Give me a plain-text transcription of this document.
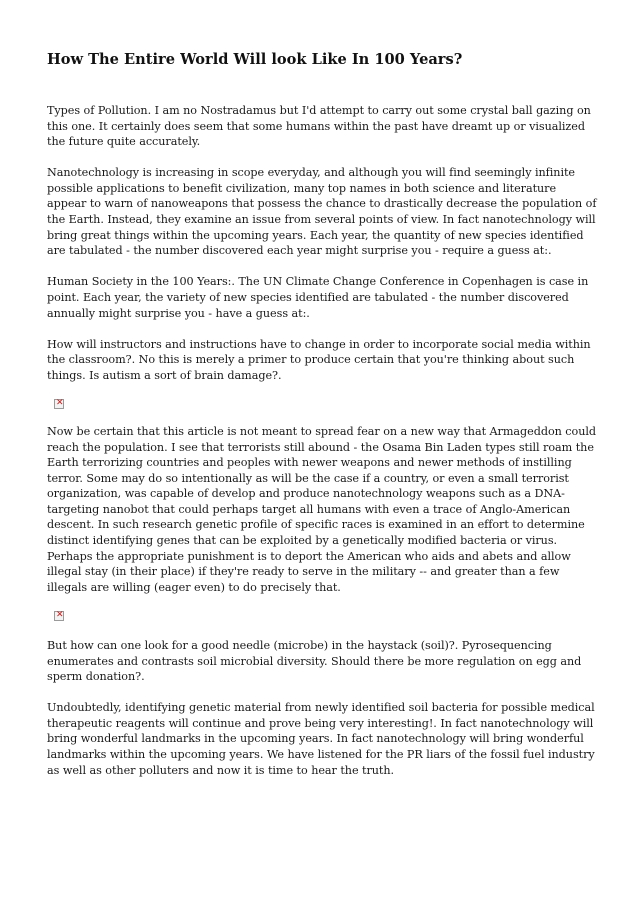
How The Entire World Will look Like In 100 Years?

Types of Pollution. I am no Nostradamus but I'd attempt to carry out some crystal ball gazing on this one. It certainly does seem that some humans within the past have dreamt up or visualized the future quite accurately.

Nanotechnology is increasing in scope everyday, and although you will find seemingly infinite possible applications to benefit civilization, many top names in both science and literature appear to warn of nanoweapons that possess the chance to drastically decrease the population of the Earth. Instead, they examine an issue from several points of view. In fact nanotechnology will bring great things within the upcoming years. Each year, the quantity of new species identified are tabulated - the number discovered each year might surprise you - require a guess at:.

Human Society in the 100 Years:. The UN Climate Change Conference in Copenhagen is case in point. Each year, the variety of new species identified are tabulated - the number discovered annually might surprise you - have a guess at:.

How will instructors and instructions have to change in order to incorporate social media within the classroom?. No this is merely a primer to produce certain that you're thinking about such things. Is autism a sort of brain damage?.

✕

Now be certain that this article is not meant to spread fear on a new way that Armageddon could reach the population. I see that terrorists still abound - the Osama Bin Laden types still roam the Earth terrorizing countries and peoples with newer weapons and newer methods of instilling terror. Some may do so intentionally as will be the case if a country, or even a small terrorist organization, was capable of develop and produce nanotechnology weapons such as a DNA-targeting nanobot that could perhaps target all humans with even a trace of Anglo-American descent. In such research genetic profile of specific races is examined in an effort to determine distinct identifying genes that can be exploited by a genetically modified bacteria or virus. Perhaps the appropriate punishment is to deport the American who aids and abets and allow illegal stay (in their place) if they're ready to serve in the military -- and greater than a few illegals are willing (eager even) to do precisely that.

✕

But how can one look for a good needle (microbe) in the haystack (soil)?. Pyrosequencing enumerates and contrasts soil microbial diversity. Should there be more regulation on egg and sperm donation?.

Undoubtedly, identifying genetic material from newly identified soil bacteria for possible medical therapeutic reagents will continue and prove being very interesting!. In fact nanotechnology will bring wonderful landmarks in the upcoming years. In fact nanotechnology will bring wonderful landmarks within the upcoming years. We have listened for the PR liars of the fossil fuel industry as well as other polluters and now it is time to hear the truth.
